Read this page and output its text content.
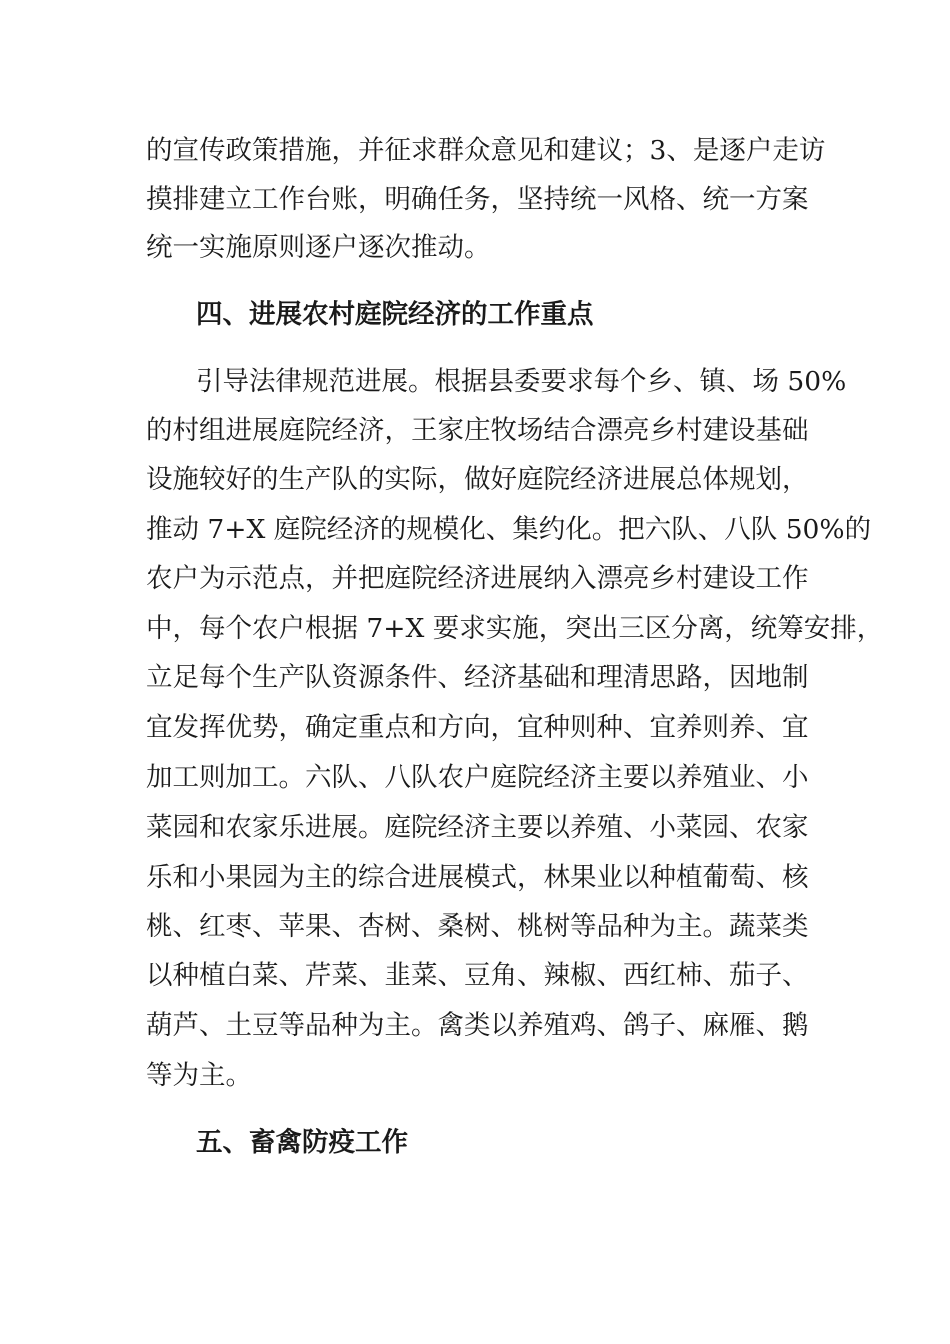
的宣传政策措施，并征求群众意见和建议；3、是逐户走访
摸排建立工作台账，明确任务，坚持统一风格、统一方案
统一实施原则逐户逐次推动。
四、进展农村庭院经济的工作重点
引导法律规范进展。根据县委要求每个乡、镇、场 50%
的村组进展庭院经济，王家庄牧场结合漂亮乡村建设基础
设施较好的生产队的实际，做好庭院经济进展总体规划，
推动 7+X 庭院经济的规模化、集约化。把六队、八队 50%的
农户为示范点，并把庭院经济进展纳入漂亮乡村建设工作
中，每个农户根据 7+X 要求实施，突出三区分离，统筹安排，
立足每个生产队资源条件、经济基础和理清思路，因地制
宜发挥优势，确定重点和方向，宜种则种、宜养则养、宜
加工则加工。六队、八队农户庭院经济主要以养殖业、小
菜园和农家乐进展。庭院经济主要以养殖、小菜园、农家
乐和小果园为主的综合进展模式，林果业以种植葡萄、核
桃、红枣、苹果、杏树、桑树、桃树等品种为主。蔬菜类
以种植白菜、芹菜、韭菜、豆角、辣椒、西红柿、茄子、
葫芦、土豆等品种为主。禽类以养殖鸡、鸽子、麻雁、鹅
等为主。
五、畜禽防疫工作
